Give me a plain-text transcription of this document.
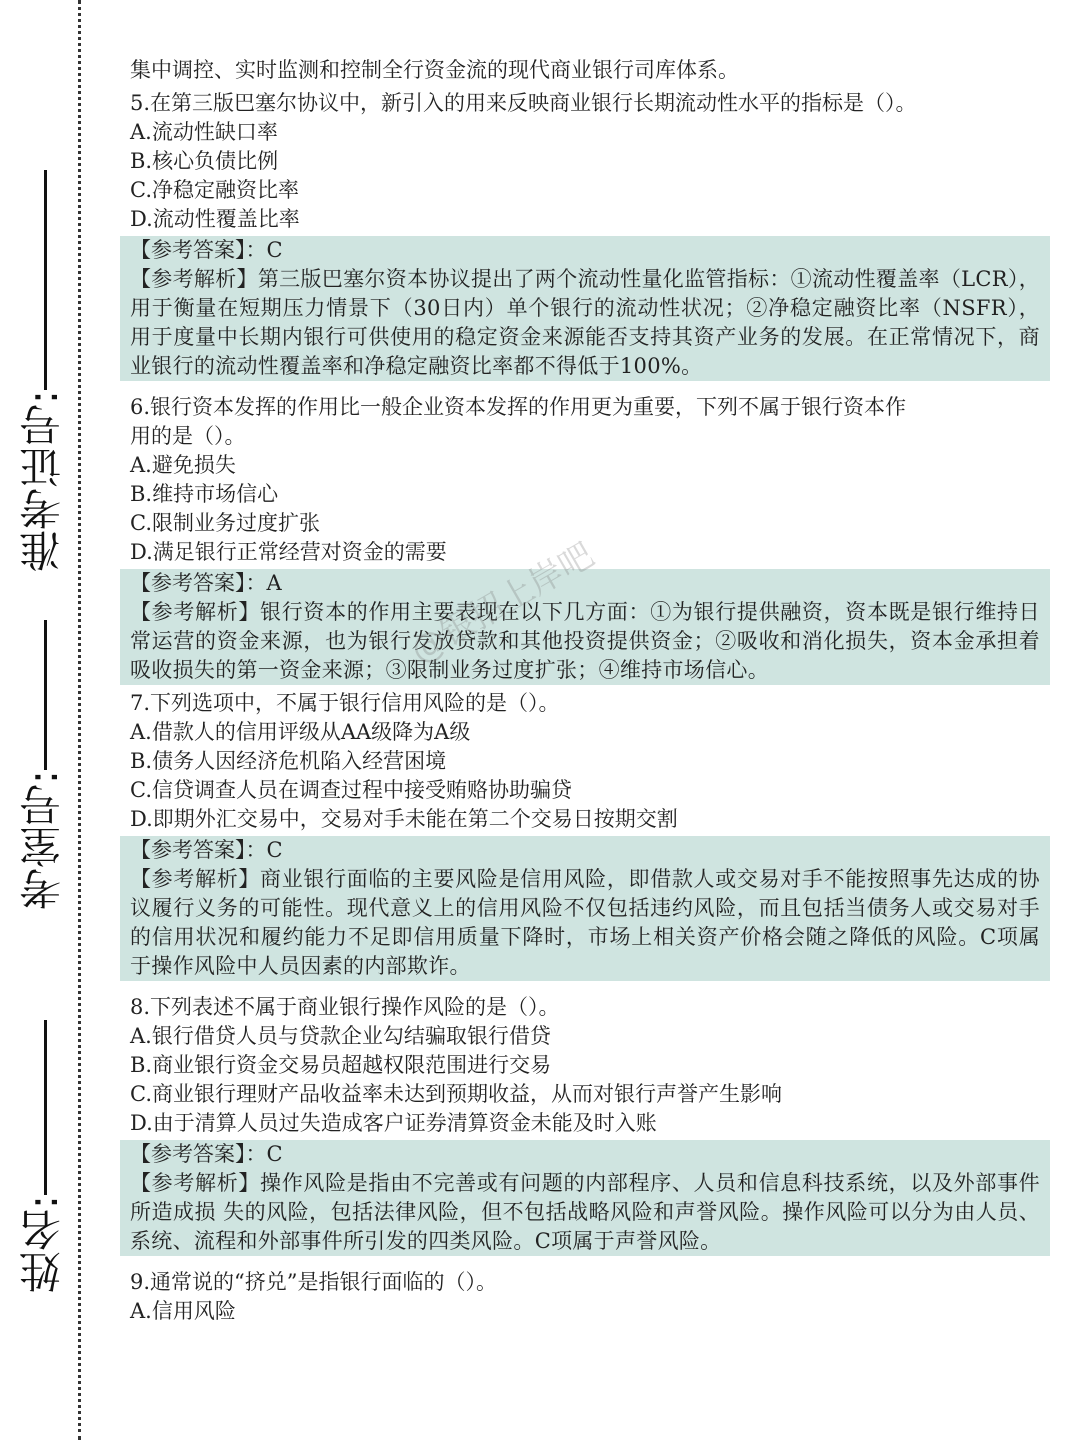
准考证号:
考室号:
姓名:
集中调控、实时监测和控制全行资金流的现代商业银行司库体系。
5.在第三版巴塞尔协议中，新引入的用来反映商业银行长期流动性水平的指标是（）。
A.流动性缺口率
B.核心负债比例
C.净稳定融资比率
D.流动性覆盖比率
【参考答案】：C
【参考解析】第三版巴塞尔资本协议提出了两个流动性量化监管指标：①流动性覆盖率（LCR），用于衡量在短期压力情景下（30日内）单个银行的流动性状况；②净稳定融资比率（NSFR），用于度量中长期内银行可供使用的稳定资金来源能否支持其资产业务的发展。在正常情况下，商业银行的流动性覆盖率和净稳定融资比率都不得低于100%。
6.银行资本发挥的作用比一般企业资本发挥的作用更为重要，下列不属于银行资本作
用的是（）。
A.避免损失
B.维持市场信心
C.限制业务过度扩张
D.满足银行正常经营对资金的需要
【参考答案】：A
【参考解析】银行资本的作用主要表现在以下几方面：①为银行提供融资，资本既是银行维持日常运营的资金来源，也为银行发放贷款和其他投资提供资金；②吸收和消化损失，资本金承担着吸收损失的第一资金来源；③限制业务过度扩张；④维持市场信心。
7.下列选项中，不属于银行信用风险的是（）。
A.借款人的信用评级从AA级降为A级
B.债务人因经济危机陷入经营困境
C.信贷调查人员在调查过程中接受贿赂协助骗贷
D.即期外汇交易中，交易对手未能在第二个交易日按期交割
【参考答案】：C
【参考解析】商业银行面临的主要风险是信用风险，即借款人或交易对手不能按照事先达成的协议履行义务的可能性。现代意义上的信用风险不仅包括违约风险，而且包括当债务人或交易对手的信用状况和履约能力不足即信用质量下降时，市场上相关资产价格会随之降低的风险。C项属于操作风险中人员因素的内部欺诈。
8.下列表述不属于商业银行操作风险的是（）。
A.银行借贷人员与贷款企业勾结骗取银行借贷
B.商业银行资金交易员超越权限范围进行交易
C.商业银行理财产品收益率未达到预期收益，从而对银行声誉产生影响
D.由于清算人员过失造成客户证券清算资金未能及时入账
【参考答案】：C
【参考解析】操作风险是指由不完善或有问题的内部程序、人员和信息科技系统，以及外部事件所造成损 失的风险，包括法律风险，但不包括战略风险和声誉风险。操作风险可以分为由人员、系统、流程和外部事件所引发的四类风险。C项属于声誉风险。
9.通常说的“挤兑”是指银行面临的（）。
A.信用风险
@银招上岸吧
